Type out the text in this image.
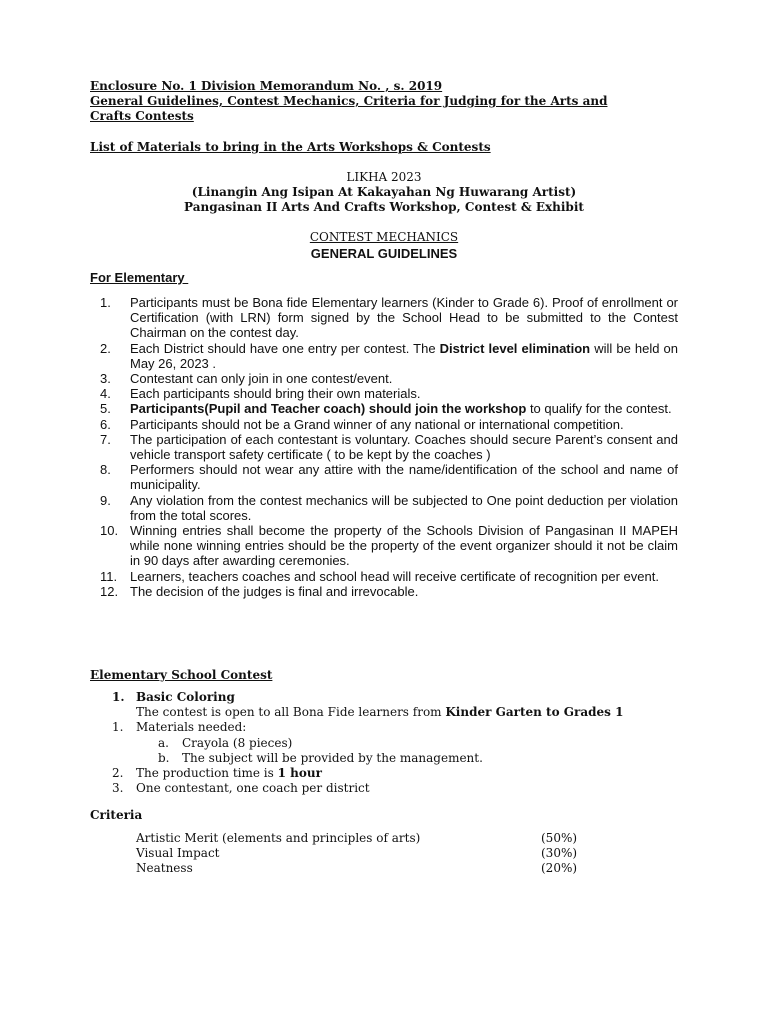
Enclosure No. 1 Division Memorandum No. , s. 2019
General Guidelines, Contest Mechanics, Criteria for Judging for the Arts and
Crafts Contests
List of Materials to bring in the Arts Workshops & Contests
LIKHA 2023
(Linangin Ang Isipan At Kakayahan Ng Huwarang Artist)
Pangasinan II Arts And Crafts Workshop, Contest & Exhibit
CONTEST MECHANICS
GENERAL GUIDELINES
For Elementary
1.	Participants must be Bona fide Elementary learners (Kinder to Grade 6). Proof of enrollment or Certification (with LRN) form signed by the School Head to be submitted to the Contest Chairman on the contest day.
2.	Each District should have one entry per contest. The District level elimination will be held on May 26, 2023 .
3.	Contestant can only join in one contest/event.
4.	Each participants should bring their own materials.
5.	Participants(Pupil and Teacher coach) should join the workshop to qualify for the contest.
6.	Participants should not be a Grand winner of any national or international competition.
7.	The participation of each contestant is voluntary. Coaches should secure Parent’s consent and vehicle transport safety certificate ( to be kept by the coaches )
8.	Performers should not wear any attire with the name/identification of the school and name of municipality.
9.	Any violation from the contest mechanics will be subjected to One point deduction per violation from the total scores.
10. Winning entries shall become the property of the Schools Division of Pangasinan II MAPEH while none winning entries should be the property of the event organizer should it not be claim in 90 days after awarding ceremonies.
11. Learners, teachers coaches and school head will receive certificate of recognition per event.
12. The decision of the judges is final and irrevocable.
Elementary School Contest
1. Basic Coloring
The contest is open to all Bona Fide learners from Kinder Garten to Grades 1
1. Materials needed:
a. Crayola (8 pieces)
b. The subject will be provided by the management.
2. The production time is 1 hour
3. One contestant, one coach per district
Criteria
Artistic Merit (elements and principles of arts)	(50%)
Visual Impact	(30%)
Neatness	(20%)
